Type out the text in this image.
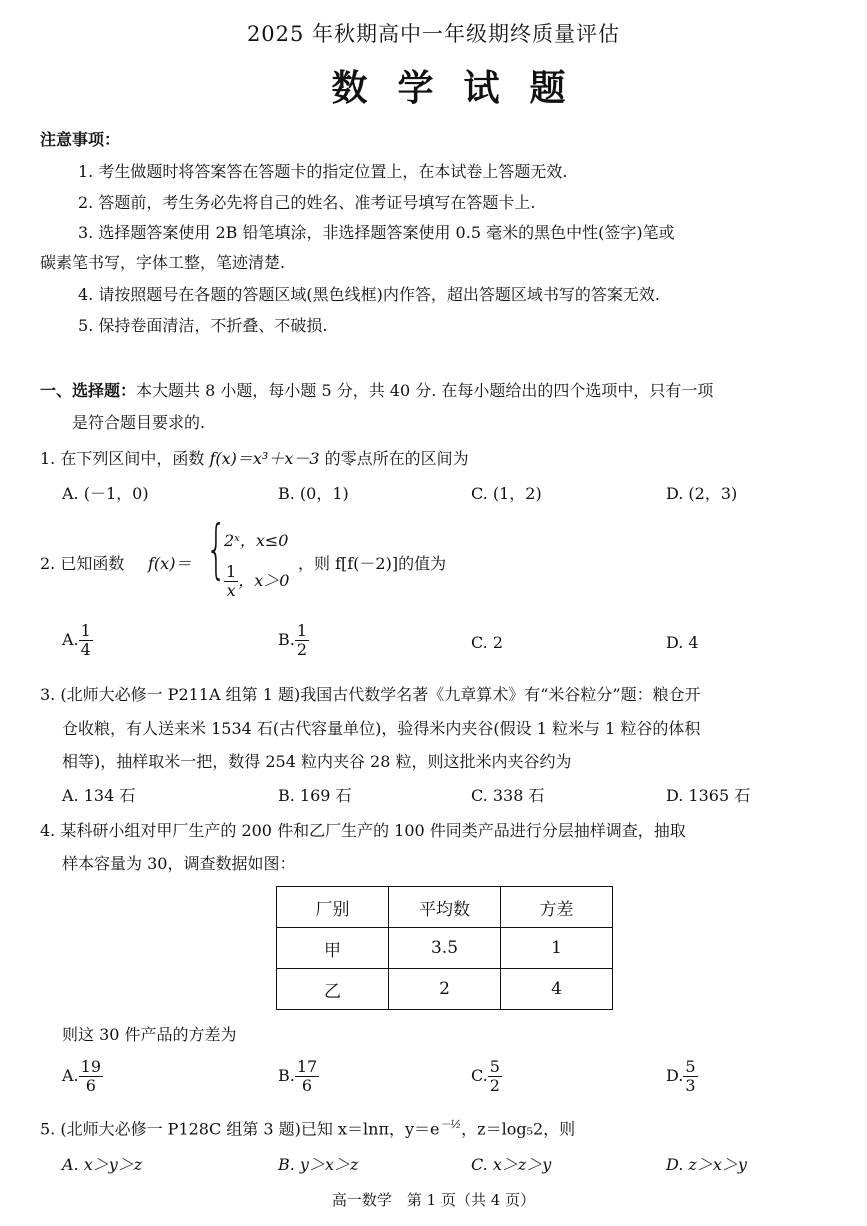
2025 年秋期高中一年级期终质量评估
数学试题
注意事项：
1. 考生做题时将答案答在答题卡的指定位置上，在本试卷上答题无效.
2. 答题前，考生务必先将自己的姓名、准考证号填写在答题卡上.
3. 选择题答案使用 2B 铅笔填涂，非选择题答案使用 0.5 毫米的黑色中性(签字)笔或
碳素笔书写，字体工整，笔迹清楚.
4. 请按照题号在各题的答题区域(黑色线框)内作答，超出答题区域书写的答案无效.
5. 保持卷面清洁，不折叠、不破损.
一、选择题：本大题共 8 小题，每小题 5 分，共 40 分. 在每小题给出的四个选项中，只有一项
是符合题目要求的.
1. 在下列区间中，函数 f(x)＝x³＋x－3 的零点所在的区间为
A. (－1，0)	B. (0，1)	C. (1，2)	D. (2，3)
2. 已知函数 f(x)＝ {
2ˣ，x≤0
$\frac{1}{x}$ ，x＞0
，则 f[f(－2)]的值为
A. $\frac{1}{4}$	B. $\frac{1}{2}$	C. 2	D. 4
3. (北师大必修一 P211A 组第 1 题)我国古代数学名著《九章算术》有“米谷粒分”题：粮仓开
仓收粮，有人送来米 1534 石(古代容量单位)，验得米内夹谷(假设 1 粒米与 1 粒谷的体积
相等)，抽样取米一把，数得 254 粒内夹谷 28 粒，则这批米内夹谷约为
A. 134 石	B. 169 石	C. 338 石	D. 1365 石
4. 某科研小组对甲厂生产的 200 件和乙厂生产的 100 件同类产品进行分层抽样调查，抽取
样本容量为 30，调查数据如图：
厂别	平均数	方差
甲	3.5	1
乙	2	4
则这 30 件产品的方差为
A. $\frac{19}{6}$	B. $\frac{17}{6}$	C. $\frac{5}{2}$	D. $\frac{5}{3}$
5. (北师大必修一 P128C 组第 3 题)已知 x＝lnπ，$y=e^{-\frac{1}{2}}$，z＝log₅2，则
A. x＞y＞z	B. y＞x＞z	C. x＞z＞y	D. z＞x＞y
高一数学　第 1 页（共 4 页）
